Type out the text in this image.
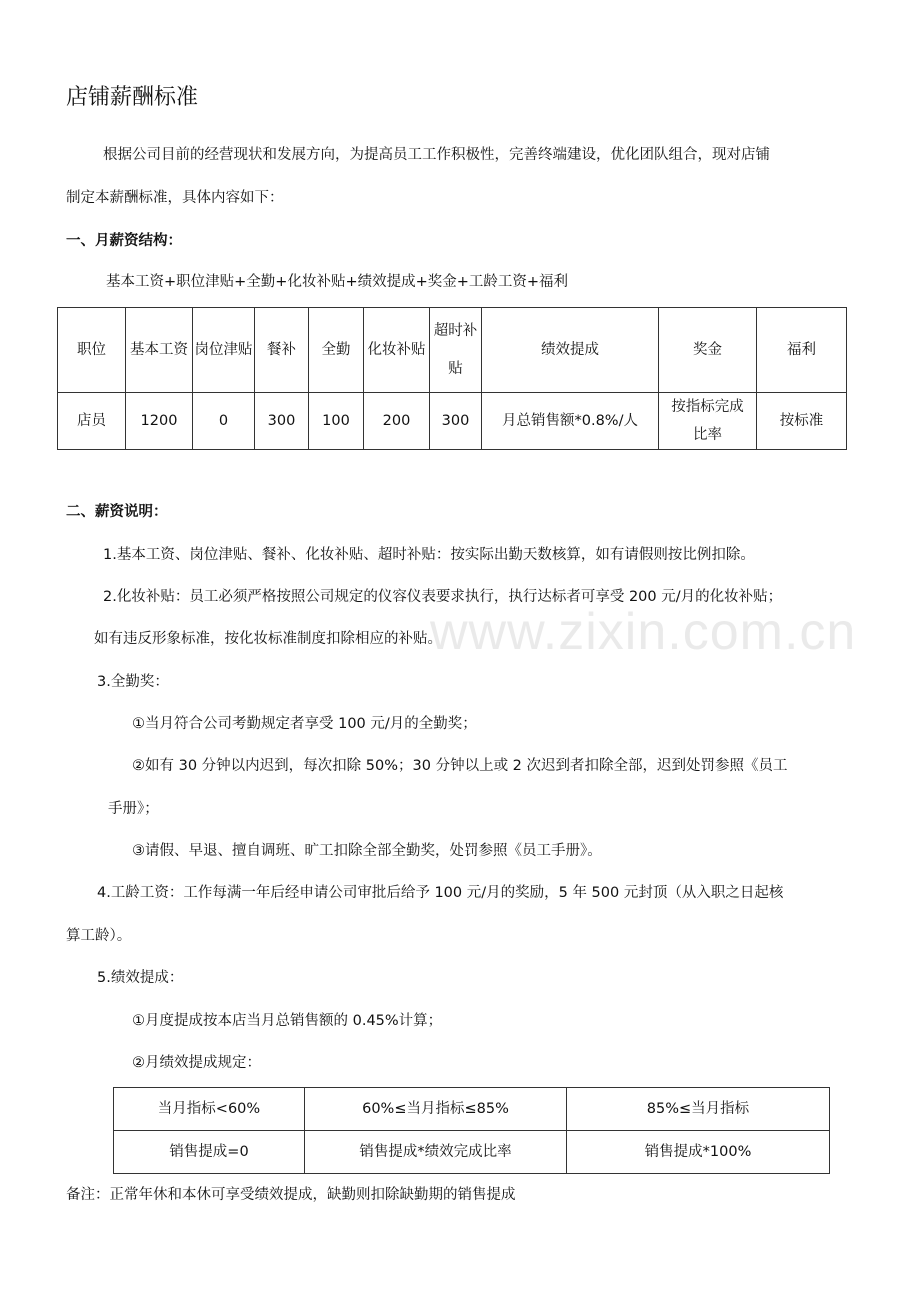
店铺薪酬标准
根据公司目前的经营现状和发展方向，为提高员工工作积极性，完善终端建设，优化团队组合，现对店铺
制定本薪酬标准，具体内容如下：
一、月薪资结构：
基本工资+职位津贴+全勤+化妆补贴+绩效提成+奖金+工龄工资+福利
职位	基本工资	岗位津贴	餐补	全勤	化妆补贴	超时补贴	绩效提成	奖金	福利
店员	1200	0	300	100	200	300	月总销售额*0.8%/人	按指标完成比率	按标准
二、薪资说明：
1.基本工资、岗位津贴、餐补、化妆补贴、超时补贴：按实际出勤天数核算，如有请假则按比例扣除。
2.化妆补贴：员工必须严格按照公司规定的仪容仪表要求执行，执行达标者可享受 200 元/月的化妆补贴；
如有违反形象标准，按化妆标准制度扣除相应的补贴。
3.全勤奖：
①当月符合公司考勤规定者享受 100 元/月的全勤奖；
②如有 30 分钟以内迟到，每次扣除 50%；30 分钟以上或 2 次迟到者扣除全部，迟到处罚参照《员工
手册》；
③请假、早退、擅自调班、旷工扣除全部全勤奖，处罚参照《员工手册》。
4.工龄工资：工作每满一年后经申请公司审批后给予 100 元/月的奖励，5 年 500 元封顶（从入职之日起核
算工龄）。
5.绩效提成：
①月度提成按本店当月总销售额的 0.45%计算；
②月绩效提成规定：
当月指标<60%	60%≤当月指标≤85%	85%≤当月指标
销售提成=0	销售提成*绩效完成比率	销售提成*100%
备注：正常年休和本休可享受绩效提成，缺勤则扣除缺勤期的销售提成
www.zixin.com.cn
